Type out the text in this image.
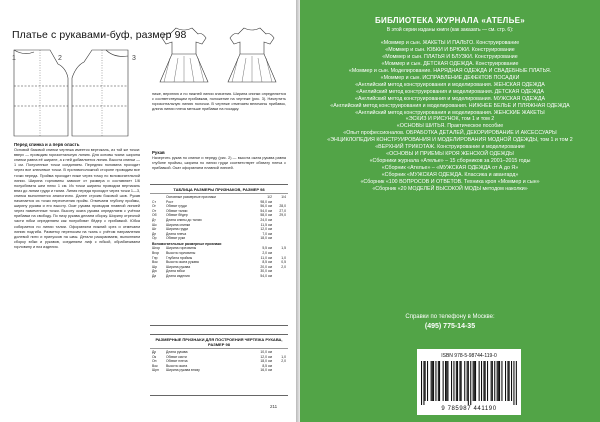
Платье с рукавами-буф, размер 98
1	2	3
ниже, верхнюю и по нижней линии значения. Ширина спинки определяется с соответствующим прибавкам, положение на чертеже (рис. 3). Начертить горизонтальную линию полочки. В чертеже отмечаем величины прибавок, длина линии плеча меньше прибавки на посадку.
Перед спинка и а перв оласть
Основой базовой спинки чертежа имеется вертикаль, из той же точки: вверх — проводим горизонтальную линию. Для основы ткани: ширина спинки равна её ширине, а к ней добавляется линия. Высота спинки — 1 см. Полученные точки соединяем. Передняя половина проходит через все ключевые точки. В противоположной стороне проводим все точки переда. Пройма проходит ниже через точку по вспомогательной линии. Ширина горловины зависит от размера и составляет 1/6 полуобхвата шеи плюс 1 см. Из точки ширины проводим вертикаль вниз до линии груди и талии. Линия переда проходит через точки 1—3, спинка выполняется аналогично. Далее строим боковой шов. Рукав начинается из точки пересечения пройм. Отмечаем глубину проймы, ширину рукава и его высоту. Окат рукава проводим плавной линией через намеченные точки. Высоту оката рукава определяем с учётом прибавки на свободу. По низу рукава делаем сборку. Ширину отрезной части юбки определяем как полуобхват бёдер с прибавкой. Юбка собирается по линии талии. Оформляем нижний срез и отмечаем линию подгиба. Разметку переносим на ткань с учётом направления долевой нити и припусков на швы. Детали раскраиваем, выполняем сборку юбки и рукавов, соединяем лиф с юбкой, обрабатываем горловину и низ изделия.
Рукав
Начертить рукав по спинке и переду (рис. 2) — высота оката рукава равна глубине проймы, ширина по линии груди соответствует обхвату плеча с прибавкой. Окат оформляем плавной линией.
ТАБЛИЦА РАЗМЕРЫ ПРИЗНАКОВ, РАЗМЕР 98
Основные размерные признаки	1/2	1/4
Ст	Рост	98,0 см
Ог	Обхват груди	56,0 см	28,0
От	Обхват талии	54,0 см	27,0
Об	Обхват бёдер	58,0 см	29,0
Дт	Длина спины до талии	24,0 см
Шс	Ширина спинки	11,5 см
Шг	Ширина груди	12,0 см
Дп	Длина плеча	7,0 см
Ор	Обхват руки	18,0 см
Вспомогательные размерные признаки
Шгор	Ширина горловины	5,5 см	1,5
Вгор	Высота горловины	2,0 см
Гпр	Глубина проймы	11,0 см	1,0
Вок	Высота оката рукава	8,5 см	0,5
Шр	Ширина рукава	20,0 см	2,0
Дю	Длина юбки	30,0 см
Ди	Длина изделия	54,0 см
РАЗМЕРНЫЕ ПРИЗНАКИ ДЛЯ ПОСТРОЕНИЯ ЧЕРТЕЖА РУКАВА, РАЗМЕР 98
Др	Длина рукава	10,0 см
Ок	Обхват кисти	12,0 см	1,0
Оп	Обхват плеча	18,0 см	2,0
Вок	Высота оката	8,5 см
Шрн	Ширина рукава внизу	16,0 см
211
БИБЛИОТЕКА ЖУРНАЛА «АТЕЛЬЕ»
В этой серии изданы книги (как заказать — см. стр. 6):
«Моммер и сын. ЖАКЕТЫ И ПАЛЬТО. Конструирование
«Моммер и сын. ЮБКИ И БРЮКИ. Конструирование
«Моммер и сын. ПЛАТЬЯ И БЛУЗКИ. Конструирование
«Моммер и сын. ДЕТСКАЯ ОДЕЖДА. Конструирование
«Моммер и сын. Моделирование. НАРЯДНАЯ ОДЕЖДА И СВАДЕБНЫЕ ПЛАТЬЯ.
«Моммер и сын. ИСПРАВЛЕНИЕ ДЕФЕКТОВ ПОСАДКИ
«Английский метод конструирования и моделирования. ЖЕНСКАЯ ОДЕЖДА
«Английский метод конструирования и моделирования. ДЕТСКАЯ ОДЕЖДА
«Английский метод конструирования и моделирования. МУЖСКАЯ ОДЕЖДА
«Английский метод конструирования и моделирования. НИЖНЕЕ БЕЛЬЕ И ПЛЯЖНАЯ ОДЕЖДА
«Английский метод конструирования и моделирования. ЖЕНСКИЕ ЖАКЕТЫ
«ЭСКИЗ И РИСУНОК, том 1 и том 2
«ОСНОВЫ ШИТЬЯ. Практическое пособие
«Опыт профессионалов. ОБРАБОТКА ДЕТАЛЕЙ, ДЕКОРИРОВАНИЕ И АКСЕССУАРЫ
«ЭНЦИКЛОПЕДИЯ КОНСТРУИРОВАНИЯ И МОДЕЛИРОВАНИЯ МОДНОЙ ОДЕЖДЫ, том 1 и том 2
«ВЕРХНИЙ ТРИКОТАЖ. Конструирование и моделирование
«ОСНОВЫ И ПРИЕМЫ КРОЯ ЖЕНСКОЙ ОДЕЖДЫ
«Сборники журнала «Ателье» – 15 сборников за 2001–2015 годы
«Сборник «Ателье» – «МУЖСКАЯ ОДЕЖДА от А до Я»
«Сборник «МУЖСКАЯ ОДЕЖДА. Классика и авангард»
«Сборник «100 ВОПРОСОВ И ОТВЕТОВ. Техника кроя «Моммер и сын»
«Сборник «20 МОДЕЛЕЙ ВЫСОКОЙ МОДЫ методом наколки»
Справки по телефону в Москве:
(495) 775-14-35
ISBN 978-5-98744-119-0
9 785987 441190
